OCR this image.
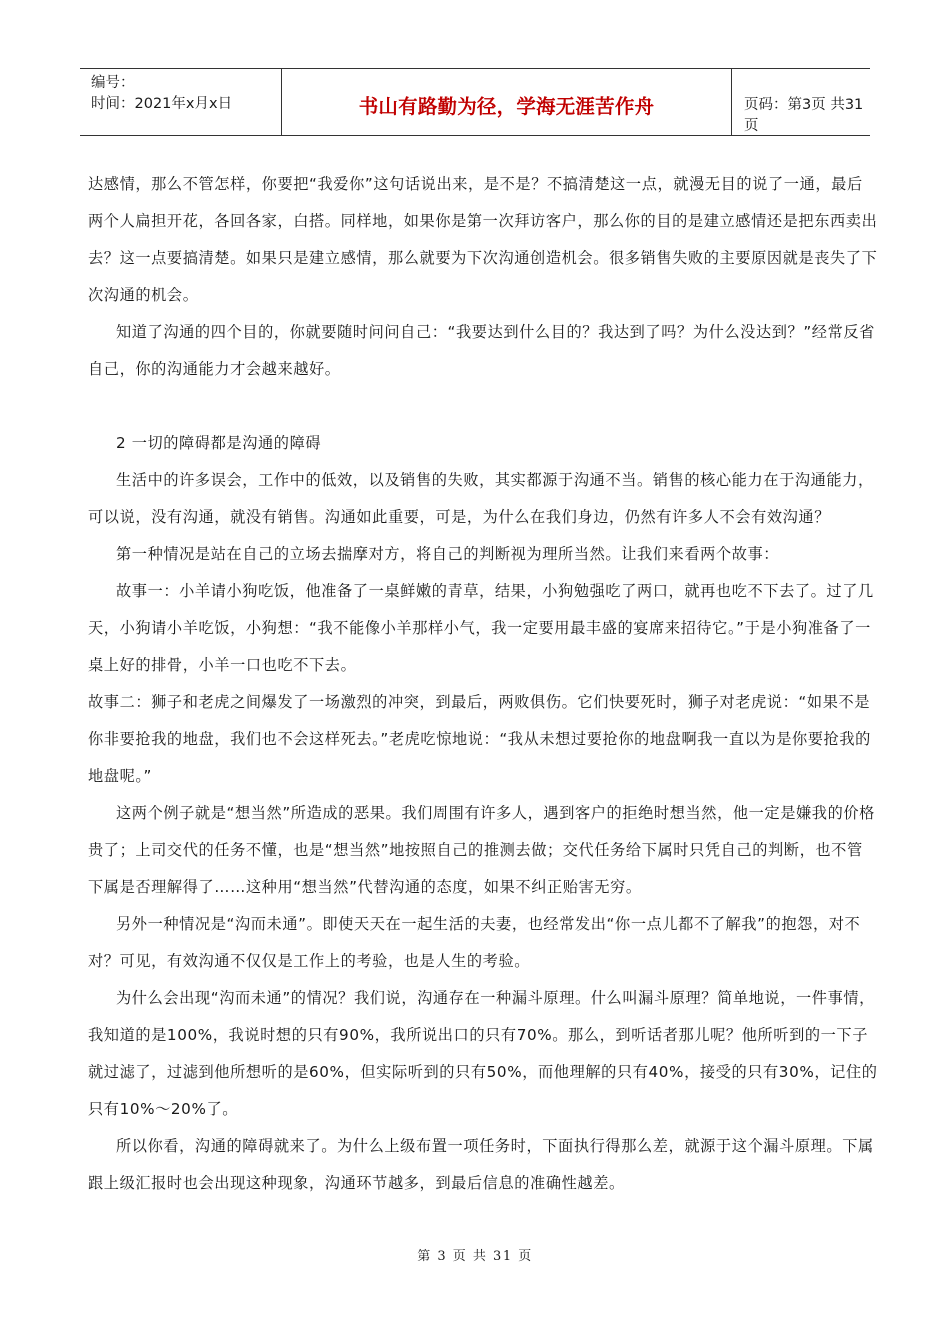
编号：
时间：2021年x月x日	书山有路勤为径，学海无涯苦作舟	页码：第3页 共31页

达感情，那么不管怎样，你要把“我爱你”这句话说出来，是不是？不搞清楚这一点，就漫无目的说了一通，最后两个人扁担开花，各回各家，白搭。同样地，如果你是第一次拜访客户，那么你的目的是建立感情还是把东西卖出去？这一点要搞清楚。如果只是建立感情，那么就要为下次沟通创造机会。很多销售失败的主要原因就是丧失了下次沟通的机会。

知道了沟通的四个目的，你就要随时问问自己：“我要达到什么目的？我达到了吗？为什么没达到？”经常反省自己，你的沟通能力才会越来越好。

2 一切的障碍都是沟通的障碍

生活中的许多误会，工作中的低效，以及销售的失败，其实都源于沟通不当。销售的核心能力在于沟通能力，可以说，没有沟通，就没有销售。沟通如此重要，可是，为什么在我们身边，仍然有许多人不会有效沟通？

第一种情况是站在自己的立场去揣摩对方，将自己的判断视为理所当然。让我们来看两个故事：

故事一：小羊请小狗吃饭，他准备了一桌鲜嫩的青草，结果，小狗勉强吃了两口，就再也吃不下去了。过了几天，小狗请小羊吃饭，小狗想：“我不能像小羊那样小气，我一定要用最丰盛的宴席来招待它。”于是小狗准备了一桌上好的排骨，小羊一口也吃不下去。

故事二：狮子和老虎之间爆发了一场激烈的冲突，到最后，两败俱伤。它们快要死时，狮子对老虎说：“如果不是你非要抢我的地盘，我们也不会这样死去。”老虎吃惊地说：“我从未想过要抢你的地盘啊我一直以为是你要抢我的地盘呢。”

这两个例子就是“想当然”所造成的恶果。我们周围有许多人，遇到客户的拒绝时想当然，他一定是嫌我的价格贵了；上司交代的任务不懂，也是“想当然”地按照自己的推测去做；交代任务给下属时只凭自己的判断，也不管下属是否理解得了……这种用“想当然”代替沟通的态度，如果不纠正贻害无穷。

另外一种情况是“沟而未通”。即使天天在一起生活的夫妻，也经常发出“你一点儿都不了解我”的抱怨，对不对？可见，有效沟通不仅仅是工作上的考验，也是人生的考验。

为什么会出现“沟而未通”的情况？我们说，沟通存在一种漏斗原理。什么叫漏斗原理？简单地说，一件事情，我知道的是100%，我说时想的只有90%，我所说出口的只有70%。那么，到听话者那儿呢？他所听到的一下子就过滤了，过滤到他所想听的是60%，但实际听到的只有50%，而他理解的只有40%，接受的只有30%，记住的只有10%～20%了。

所以你看，沟通的障碍就来了。为什么上级布置一项任务时，下面执行得那么差，就源于这个漏斗原理。下属跟上级汇报时也会出现这种现象，沟通环节越多，到最后信息的准确性越差。

第 3 页 共 31 页
